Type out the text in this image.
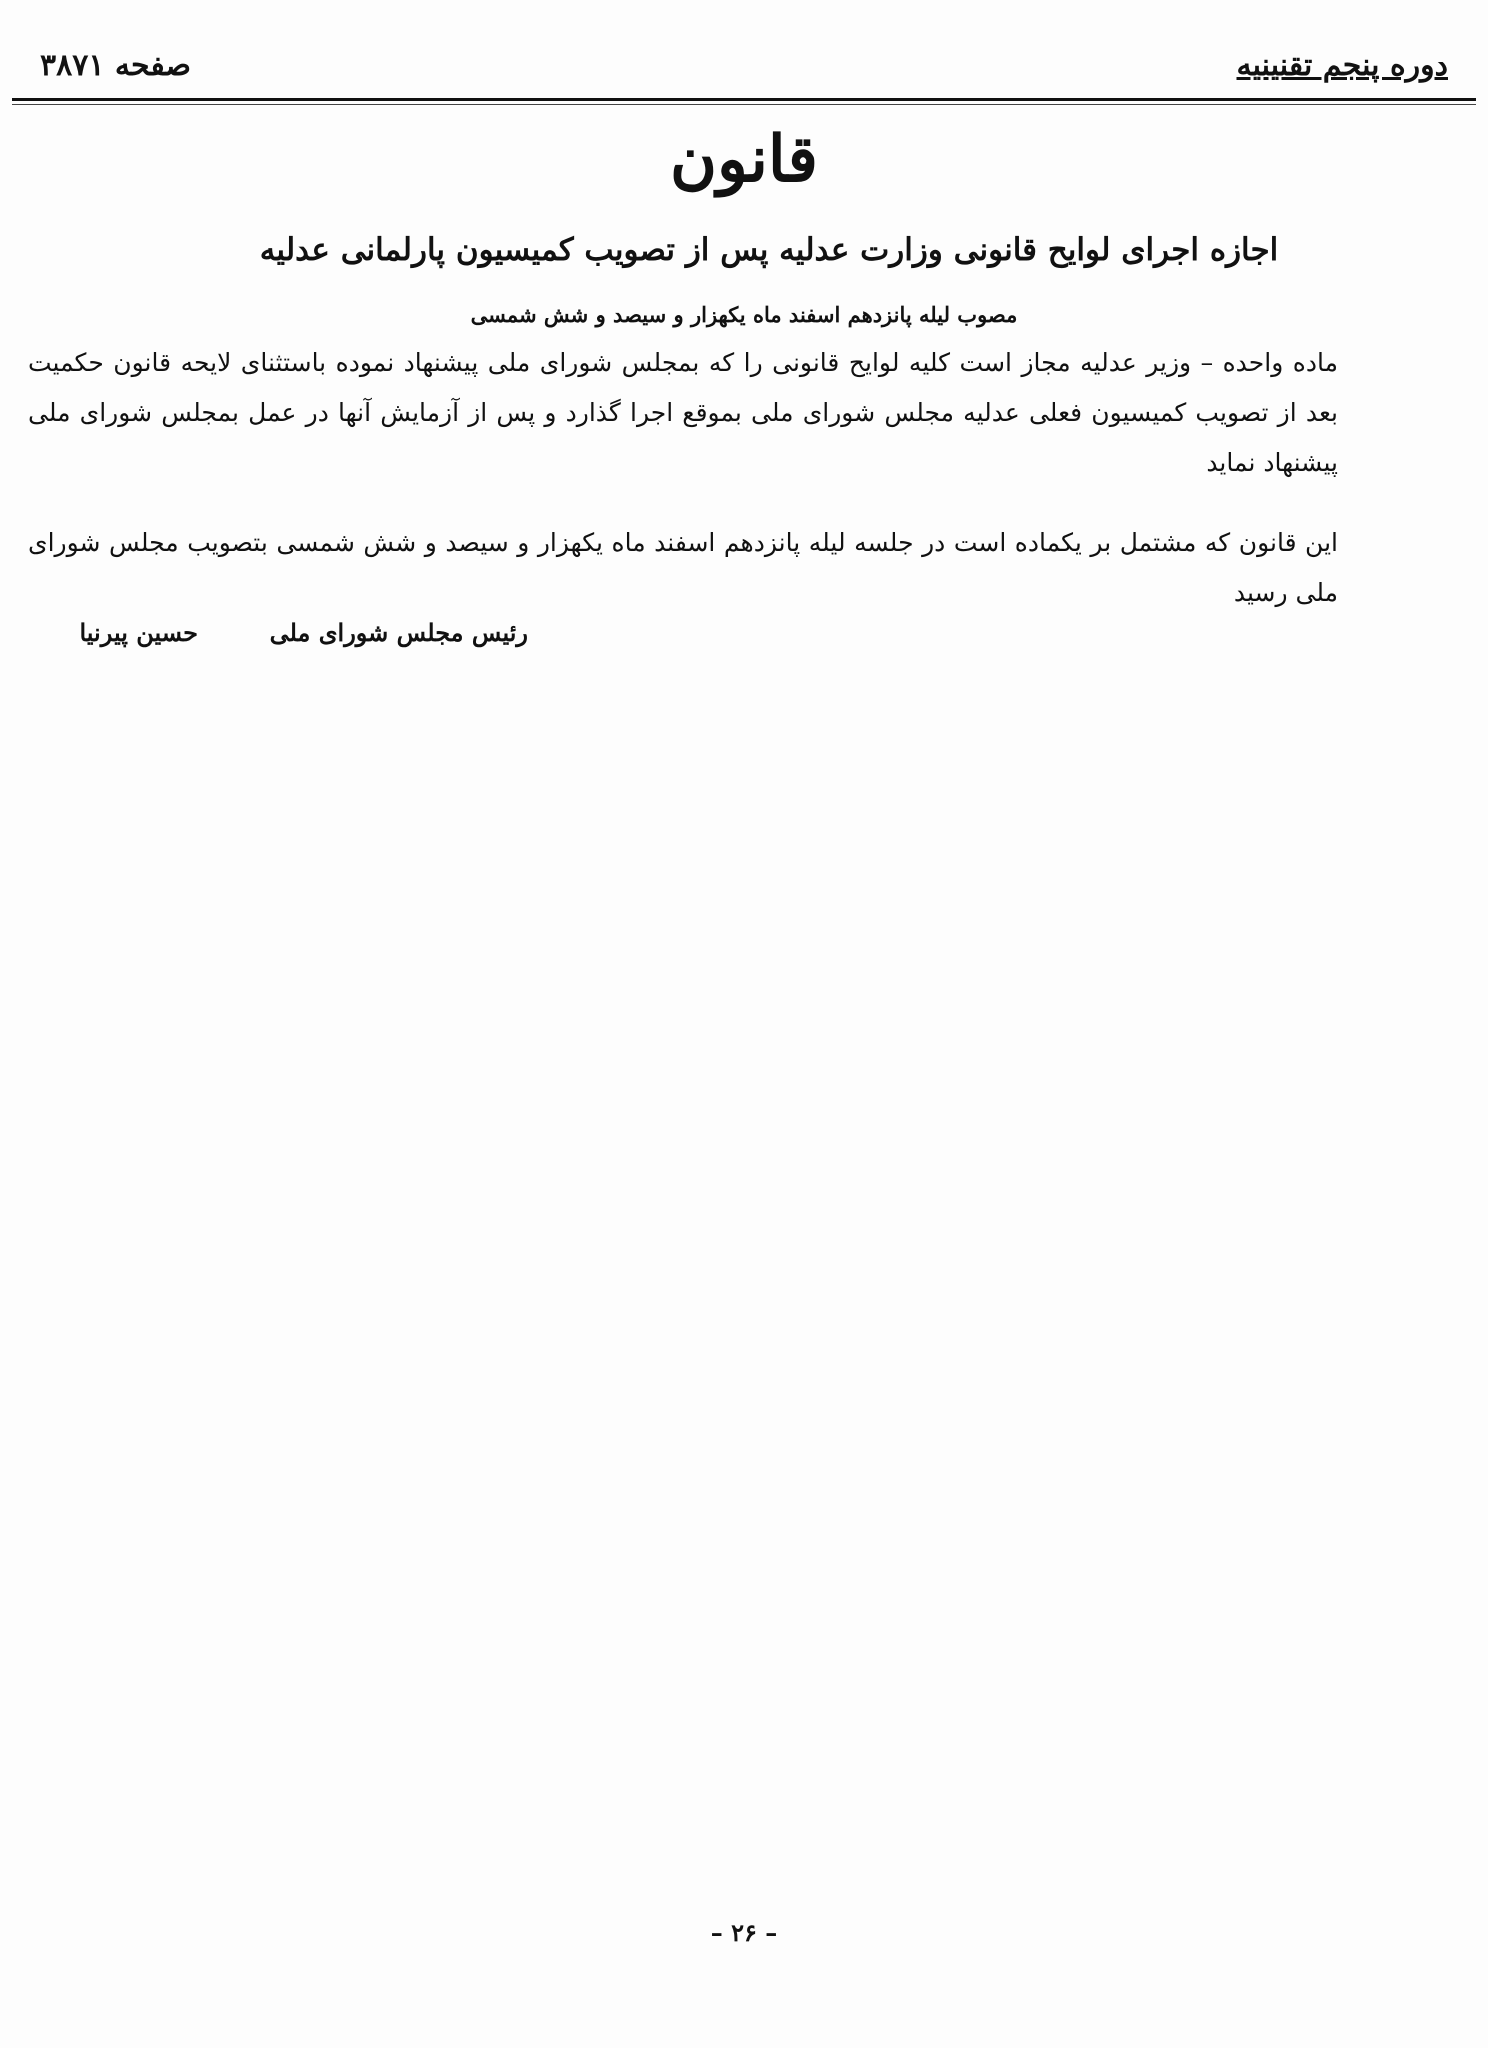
دوره پنجم تقنینیه
صفحه ۳۸۷۱
قانون
اجازه اجرای لوایح قانونی وزارت عدلیه پس از تصویب کمیسیون پارلمانی عدلیه
مصوب لیله پانزدهم اسفند ماه یکهزار و سیصد و شش شمسی
ماده واحده – وزیر عدلیه مجاز است کلیه لوایح قانونی را که بمجلس شورای ملی پیشنهاد نموده باستثنای لایحه قانون حکمیت بعد از تصویب کمیسیون فعلی عدلیه مجلس شورای ملی بموقع اجرا گذارد و پس از آزمایش آنها در عمل بمجلس شورای ملی پیشنهاد نماید
این قانون که مشتمل بر یکماده است در جلسه لیله پانزدهم اسفند ماه یکهزار و سیصد و شش شمسی بتصویب مجلس شورای ملی رسید
رئیس مجلس شورای ملی
حسین پیرنیا
– ۲۶ –
